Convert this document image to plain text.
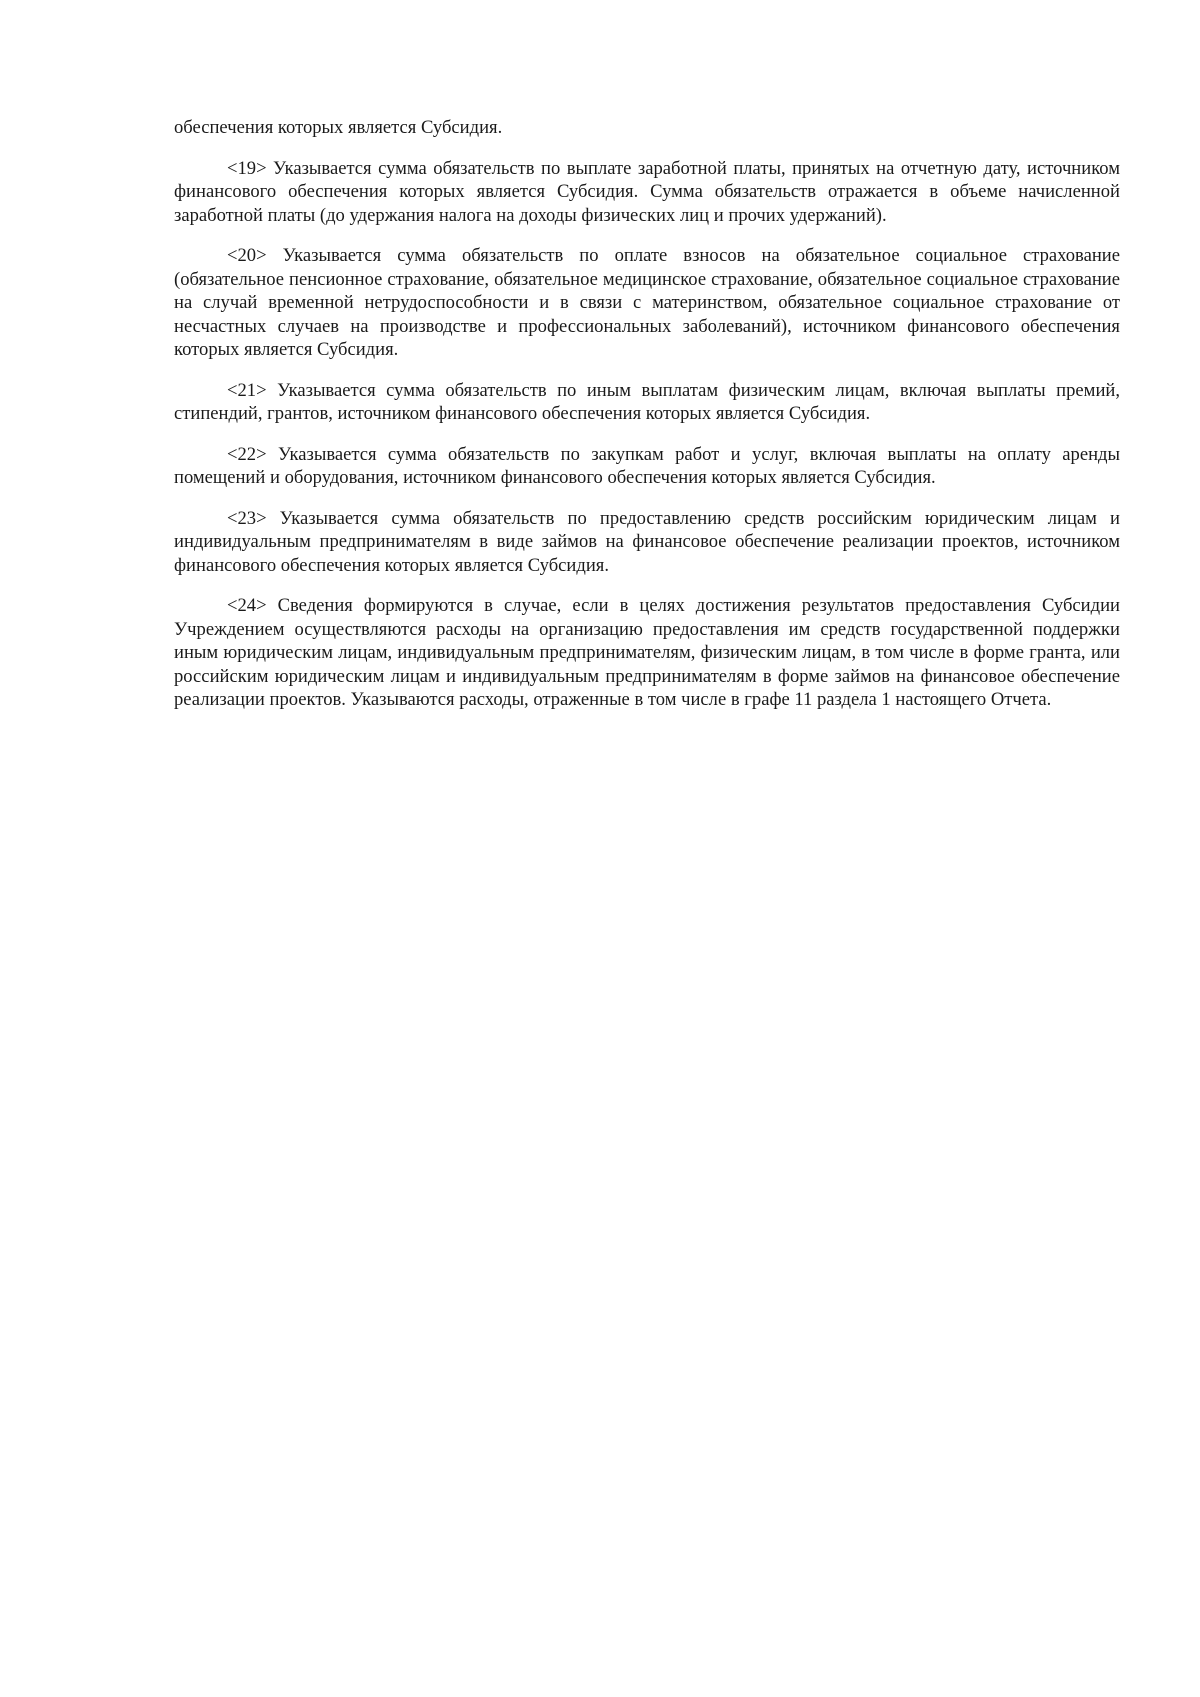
обеспечения которых является Субсидия.

<19> Указывается сумма обязательств по выплате заработной платы, принятых на отчетную дату, источником финансового обеспечения которых является Субсидия. Сумма обязательств отражается в объеме начисленной заработной платы (до удержания налога на доходы физических лиц и прочих удержаний).

<20> Указывается сумма обязательств по оплате взносов на обязательное социальное страхование (обязательное пенсионное страхование, обязательное медицинское страхование, обязательное социальное страхование на случай временной нетрудоспособности и в связи с материнством, обязательное социальное страхование от несчастных случаев на производстве и профессиональных заболеваний), источником финансового обеспечения которых является Субсидия.

<21> Указывается сумма обязательств по иным выплатам физическим лицам, включая выплаты премий, стипендий, грантов, источником финансового обеспечения которых является Субсидия.

<22> Указывается сумма обязательств по закупкам работ и услуг, включая выплаты на оплату аренды помещений и оборудования, источником финансового обеспечения которых является Субсидия.

<23> Указывается сумма обязательств по предоставлению средств российским юридическим лицам и индивидуальным предпринимателям в виде займов на финансовое обеспечение реализации проектов, источником финансового обеспечения которых является Субсидия.

<24> Сведения формируются в случае, если в целях достижения результатов предоставления Субсидии Учреждением осуществляются расходы на организацию предоставления им средств государственной поддержки иным юридическим лицам, индивидуальным предпринимателям, физическим лицам, в том числе в форме гранта, или российским юридическим лицам и индивидуальным предпринимателям в форме займов на финансовое обеспечение реализации проектов. Указываются расходы, отраженные в том числе в графе 11 раздела 1 настоящего Отчета.
